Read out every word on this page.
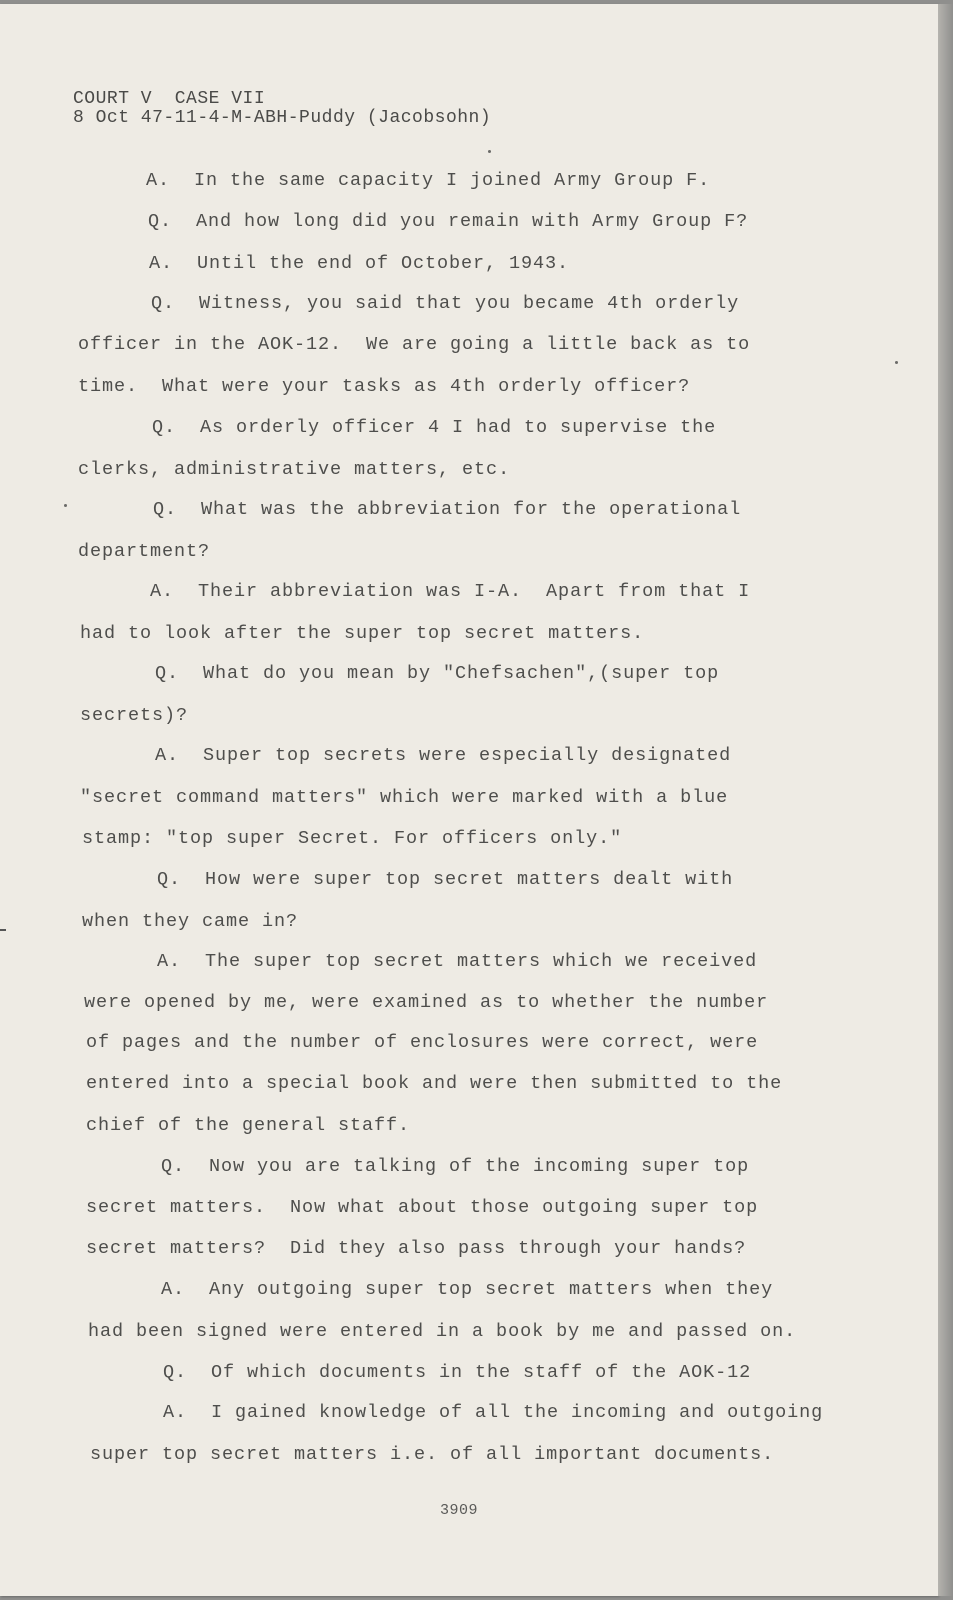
COURT V  CASE VII
8 Oct 47-11-4-M-ABH-Puddy (Jacobsohn)
A.  In the same capacity I joined Army Group F.
Q.  And how long did you remain with Army Group F?
A.  Until the end of October, 1943.
Q.  Witness, you said that you became 4th orderly
officer in the AOK-12.  We are going a little back as to
time.  What were your tasks as 4th orderly officer?
Q.  As orderly officer 4 I had to supervise the
clerks, administrative matters, etc.
Q.  What was the abbreviation for the operational
department?
A.  Their abbreviation was I-A.  Apart from that I
had to look after the super top secret matters.
Q.  What do you mean by "Chefsachen",(super top
secrets)?
A.  Super top secrets were especially designated
"secret command matters" which were marked with a blue
stamp: "top super Secret. For officers only."
Q.  How were super top secret matters dealt with
when they came in?
A.  The super top secret matters which we received
were opened by me, were examined as to whether the number
of pages and the number of enclosures were correct, were
entered into a special book and were then submitted to the
chief of the general staff.
Q.  Now you are talking of the incoming super top
secret matters.  Now what about those outgoing super top
secret matters?  Did they also pass through your hands?
A.  Any outgoing super top secret matters when they
had been signed were entered in a book by me and passed on.
Q.  Of which documents in the staff of the AOK-12
A.  I gained knowledge of all the incoming and outgoing
super top secret matters i.e. of all important documents.
3909
